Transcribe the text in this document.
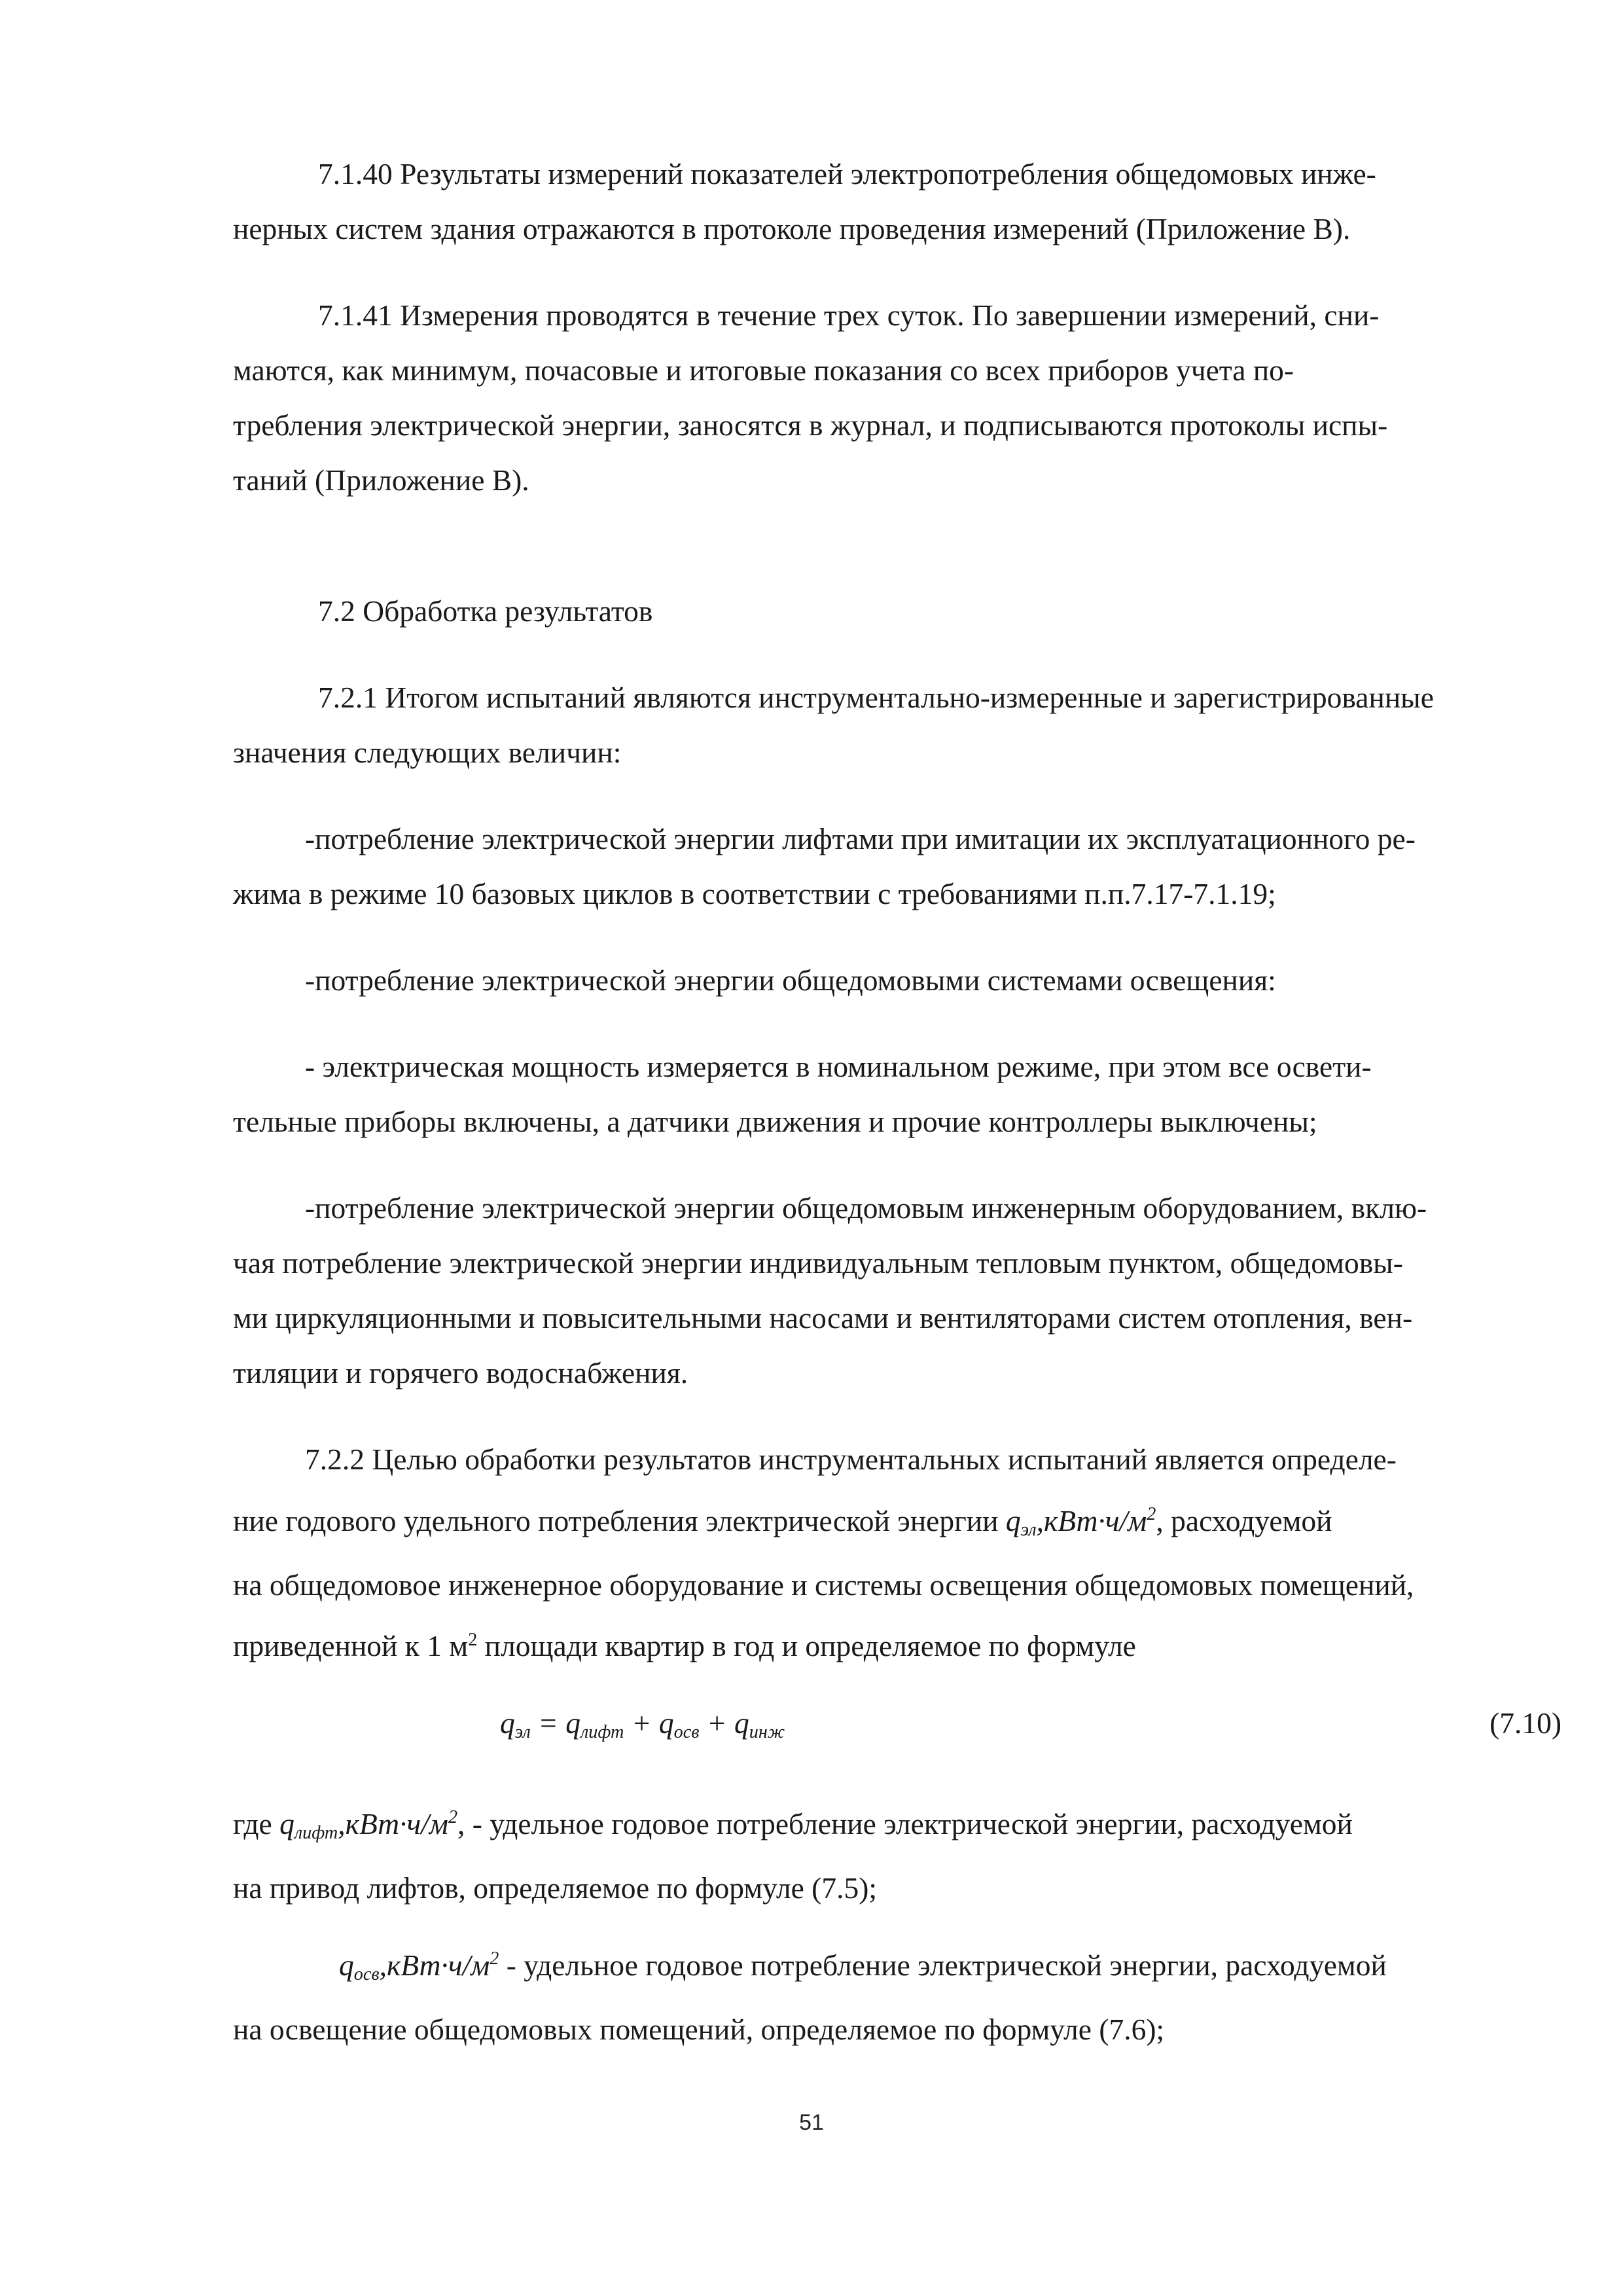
7.1.40 Результаты измерений показателей электропотребления общедомовых инже-
нерных систем здания отражаются в протоколе проведения измерений (Приложение В).

7.1.41 Измерения проводятся в течение трех суток. По завершении измерений, сни-
маются, как минимум, почасовые и итоговые показания со всех приборов учета по-
требления электрической энергии, заносятся в журнал, и подписываются протоколы испы-
таний (Приложение В).

7.2 Обработка результатов

7.2.1 Итогом испытаний являются инструментально-измеренные и зарегистрированные
значения следующих величин:

-потребление электрической энергии лифтами при имитации их эксплуатационного ре-
жима в режиме 10 базовых циклов в соответствии с требованиями п.п.7.17-7.1.19;

-потребление электрической энергии общедомовыми системами освещения:

- электрическая мощность измеряется в номинальном режиме, при этом все освети-
тельные приборы включены, а датчики движения и прочие контроллеры выключены;

-потребление электрической энергии общедомовым инженерным оборудованием, вклю-
чая потребление электрической энергии индивидуальным тепловым пунктом, общедомовы-
ми циркуляционными и повысительными насосами и вентиляторами систем отопления, вен-
тиляции и горячего водоснабжения.

7.2.2 Целью обработки результатов инструментальных испытаний является определе-
ние годового удельного потребления электрической энергии $q_{эл},кВт\cdot ч/м^2$, расходуемой
на общедомовое инженерное оборудование и системы освещения общедомовых помещений,
приведенной к 1 $м^2$ площади квартир в год и определяемое по формуле

$q_{эл} = q_{лифт} + q_{осв} + q_{инж}$	(7.10)

где $q_{лифт},кВт\cdot ч/м^2$, - удельное годовое потребление электрической энергии, расходуемой
на привод лифтов, определяемое по формуле (7.5);

$q_{осв},кВт\cdot ч/м^2$ - удельное годовое потребление электрической энергии, расходуемой
на освещение общедомовых помещений, определяемое по формуле (7.6);

51
